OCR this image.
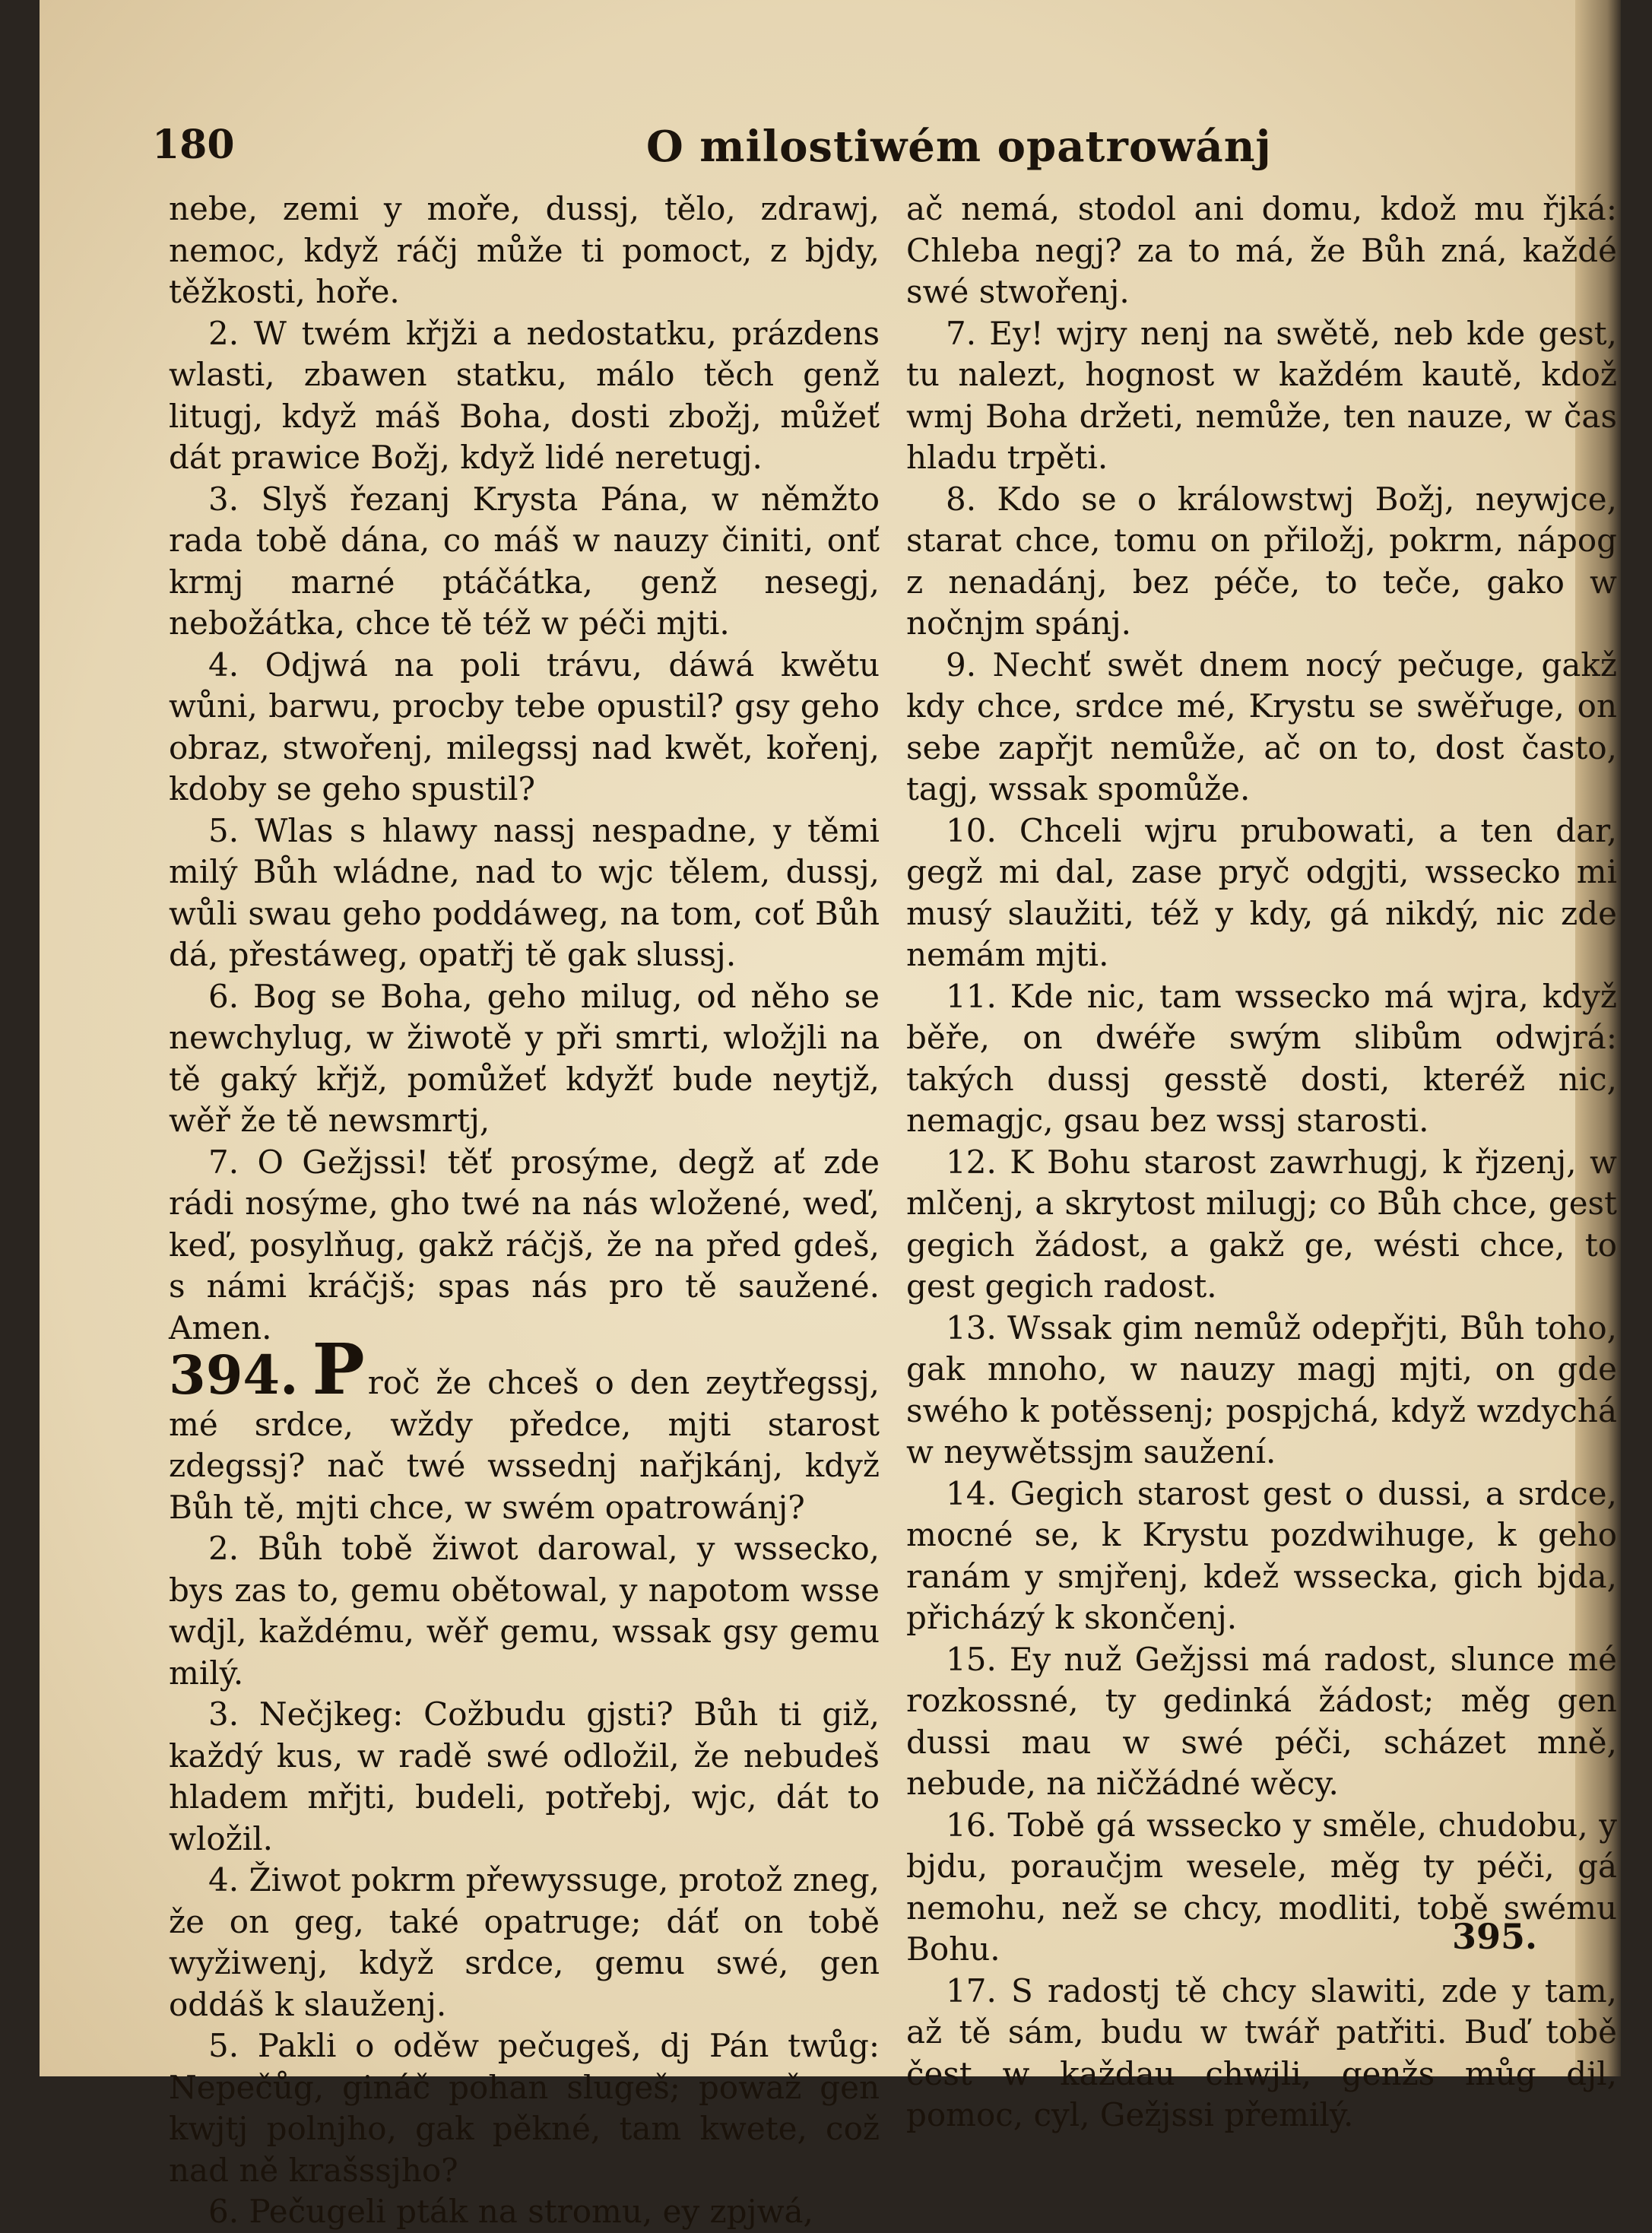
180	O milostiwém opatrowánj

nebe, zemi y moře, dussj, tělo, zdrawj, nemoc, když ráčj může ti pomoct, z bjdy, těžkosti, hoře.

2. W twém křjži a nedostatku, prázdens wlasti, zbawen statku, málo těch genž litugj, když máš Boha, dosti zbožj, můžeť dát prawice Božj, když lidé neretugj.

3. Slyš řezanj Krysta Pána, w němžto rada tobě dána, co máš w nauzy činiti, onť krmj marné ptáčátka, genž nesegj, nebožátka, chce tě též w péči mjti.

4. Odjwá na poli trávu, dáwá kwětu wůni, barwu, procby tebe opustil? gsy geho obraz, stwořenj, milegssj nad kwět, kořenj, kdoby se geho spustil?

5. Wlas s hlawy nassj nespadne, y těmi milý Bůh wládne, nad to wjc tělem, dussj, wůli swau geho poddáweg, na tom, coť Bůh dá, přestáweg, opatřj tě gak slussj.

6. Bog se Boha, geho milug, od něho se newchylug, w žiwotě y při smrti, wložjli na tě gaký křjž, pomůžeť kdyžť bude neytjž, wěř že tě newsmrtj,

7. O Gežjssi! těť prosýme, degž ať zde rádi nosýme, gho twé na nás wložené, weď, keď, posylňug, gakž ráčjš, že na před gdeš, s námi kráčjš; spas nás pro tě saužené. Amen.

394. Proč že chceš o den zeytřegssj, mé srdce, wždy předce, mjti starost zdegssj? nač twé wssednj nařjkánj, když Bůh tě, mjti chce, w swém opatrowánj?

2. Bůh tobě žiwot darowal, y wssecko, bys zas to, gemu obětowal, y napotom wsse wdjl, každému, wěř gemu, wssak gsy gemu milý.

3. Nečjkeg: Cožbudu gjsti? Bůh ti giž, každý kus, w radě swé odložil, že nebudeš hladem mřjti, budeli, potřebj, wjc, dát to wložil.

4. Žiwot pokrm přewyssuge, protož zneg, že on geg, také opatruge; dáť on tobě wyžiwenj, když srdce, gemu swé, gen oddáš k slauženj.

5. Pakli o oděw pečugeš, dj Pán twůg: Nepečůg, gináč pohan slugeš; powaž gen kwjtj polnjho, gak pěkné, tam kwete, což nad ně krašssjho?

6. Pečugeli pták na stromu, ey zpjwá,

ač nemá, stodol ani domu, kdož mu řjká: Chleba negj? za to má, že Bůh zná, každé swé stwořenj.

7. Ey! wjry nenj na swětě, neb kde gest, tu nalezt, hognost w každém kautě, kdož wmj Boha držeti, nemůže, ten nauze, w čas hladu trpěti.

8. Kdo se o králowstwj Božj, neywjce, starat chce, tomu on přiložj, pokrm, nápog z nenadánj, bez péče, to teče, gako w nočnjm spánj.

9. Nechť swět dnem nocý pečuge, gakž kdy chce, srdce mé, Krystu se swěřuge, on sebe zapřjt nemůže, ač on to, dost často, tagj, wssak spomůže.

10. Chceli wjru prubowati, a ten dar, gegž mi dal, zase pryč odgjti, wssecko mi musý slaužiti, též y kdy, gá nikdý, nic zde nemám mjti.

11. Kde nic, tam wssecko má wjra, když běře, on dwéře swým slibům odwjrá: takých dussj gesstě dosti, kteréž nic, nemagjc, gsau bez wssj starosti.

12. K Bohu starost zawrhugj, k řjzenj, w mlčenj, a skrytost milugj; co Bůh chce, gest gegich žádost, a gakž ge, wésti chce, to gest gegich radost.

13. Wssak gim nemůž odepřjti, Bůh toho, gak mnoho, w nauzy magj mjti, on gde swého k potěssenj; pospjchá, když wzdychá w neywětssjm saužení.

14. Gegich starost gest o dussi, a srdce, mocné se, k Krystu pozdwihuge, k geho ranám y smjřenj, kdež wssecka, gich bjda, přicházý k skončenj.

15. Ey nuž Gežjssi má radost, slunce mé rozkossné, ty gedinká žádost; měg gen dussi mau w swé péči, scházet mně, nebude, na ničžádné wěcy.

16. Tobě gá wssecko y směle, chudobu, y bjdu, poraučjm wesele, měg ty péči, gá nemohu, než se chcy, modliti, tobě swému Bohu.

17. S radostj tě chcy slawiti, zde y tam, až tě sám, budu w twář patřiti. Buď tobě čest w každau chwjli, genžs můg djl, pomoc, cyl, Gežjssi přemilý.

395.
